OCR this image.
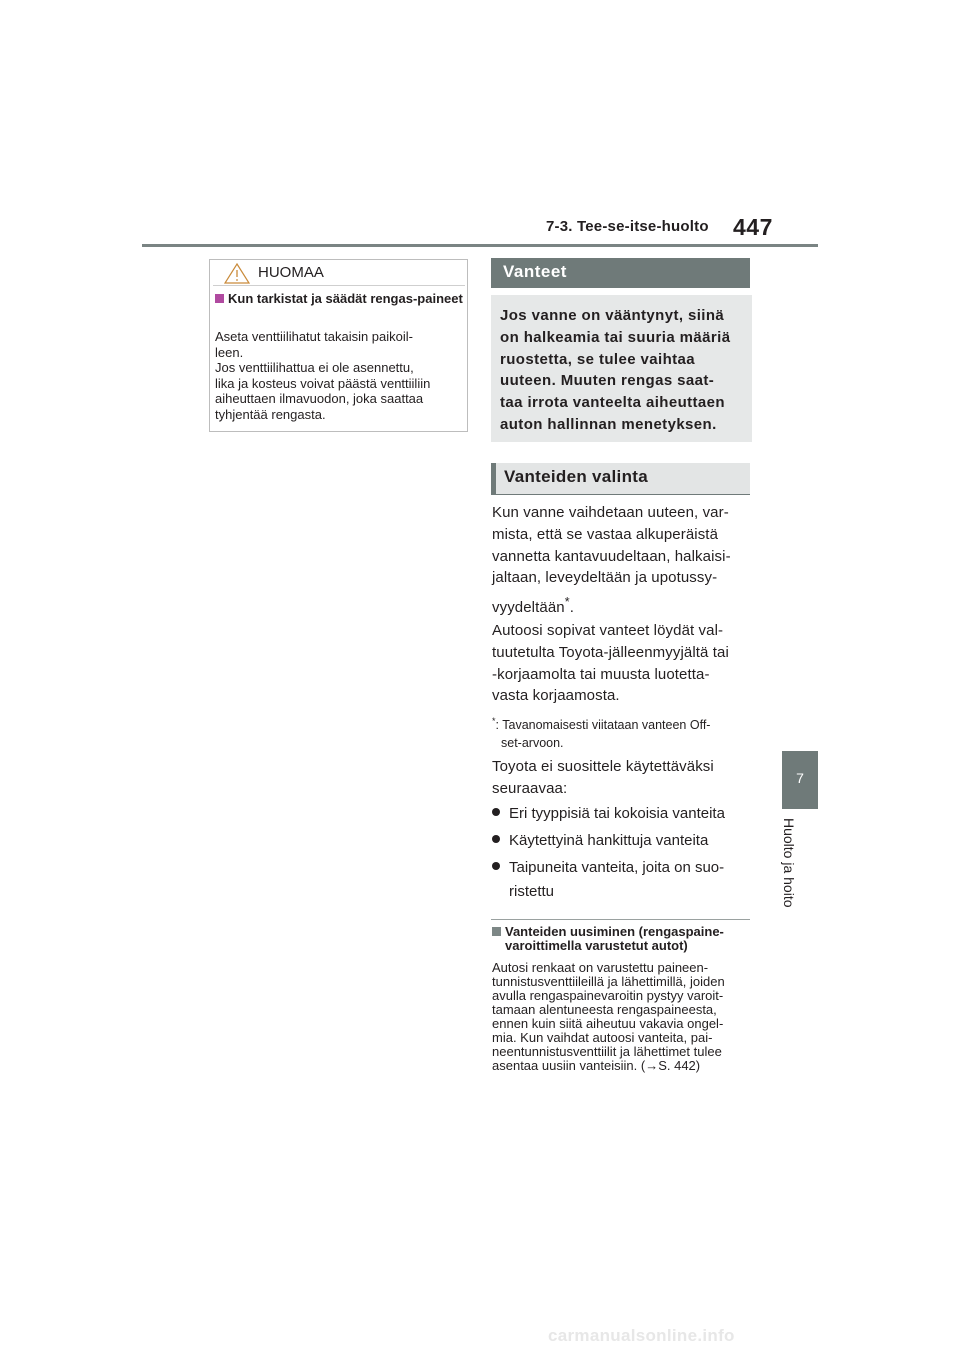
7-3. Tee-se-itse-huolto 447
7
Huolto ja hoito
HUOMAA
Kun tarkistat ja säädät rengas-paineet
Aseta venttiilihatut takaisin paikoil-
leen.
Jos venttiilihattua ei ole asennettu,
lika ja kosteus voivat päästä venttiiliin
aiheuttaen ilmavuodon, joka saattaa
tyhjentää rengasta.
Vanteet
Jos vanne on vääntynyt, siinä
on halkeamia tai suuria määriä
ruostetta, se tulee vaihtaa
uuteen. Muuten rengas saat-
taa irrota vanteelta aiheuttaen
auton hallinnan menetyksen.
Vanteiden valinta
Kun vanne vaihdetaan uuteen, var-
mista, että se vastaa alkuperäistä
vannetta kantavuudeltaan, halkaisi-
jaltaan, leveydeltään ja upotussy-
vyydeltään*.
Autoosi sopivat vanteet löydät val-
tuutetulta Toyota-jälleenmyyjältä tai
-korjaamolta tai muusta luotetta-
vasta korjaamosta.
*: Tavanomaisesti viitataan vanteen Off-
set-arvoon.
Toyota ei suosittele käytettäväksi
seuraavaa:
Eri tyyppisiä tai kokoisia vanteita
Käytettyinä hankittuja vanteita
Taipuneita vanteita, joita on suo-
ristettu
Vanteiden uusiminen (rengaspaine-
varoittimella varustetut autot)
Autosi renkaat on varustettu paineen-
tunnistusventtiileillä ja lähettimillä, joiden
avulla rengaspainevaroitin pystyy varoit-
tamaan alentuneesta rengaspaineesta,
ennen kuin siitä aiheutuu vakavia ongel-
mia. Kun vaihdat autoosi vanteita, pai-
neentunnistusventtiilit ja lähettimet tulee
asentaa uusiin vanteisiin. (→S. 442)
carmanualsonline.info
